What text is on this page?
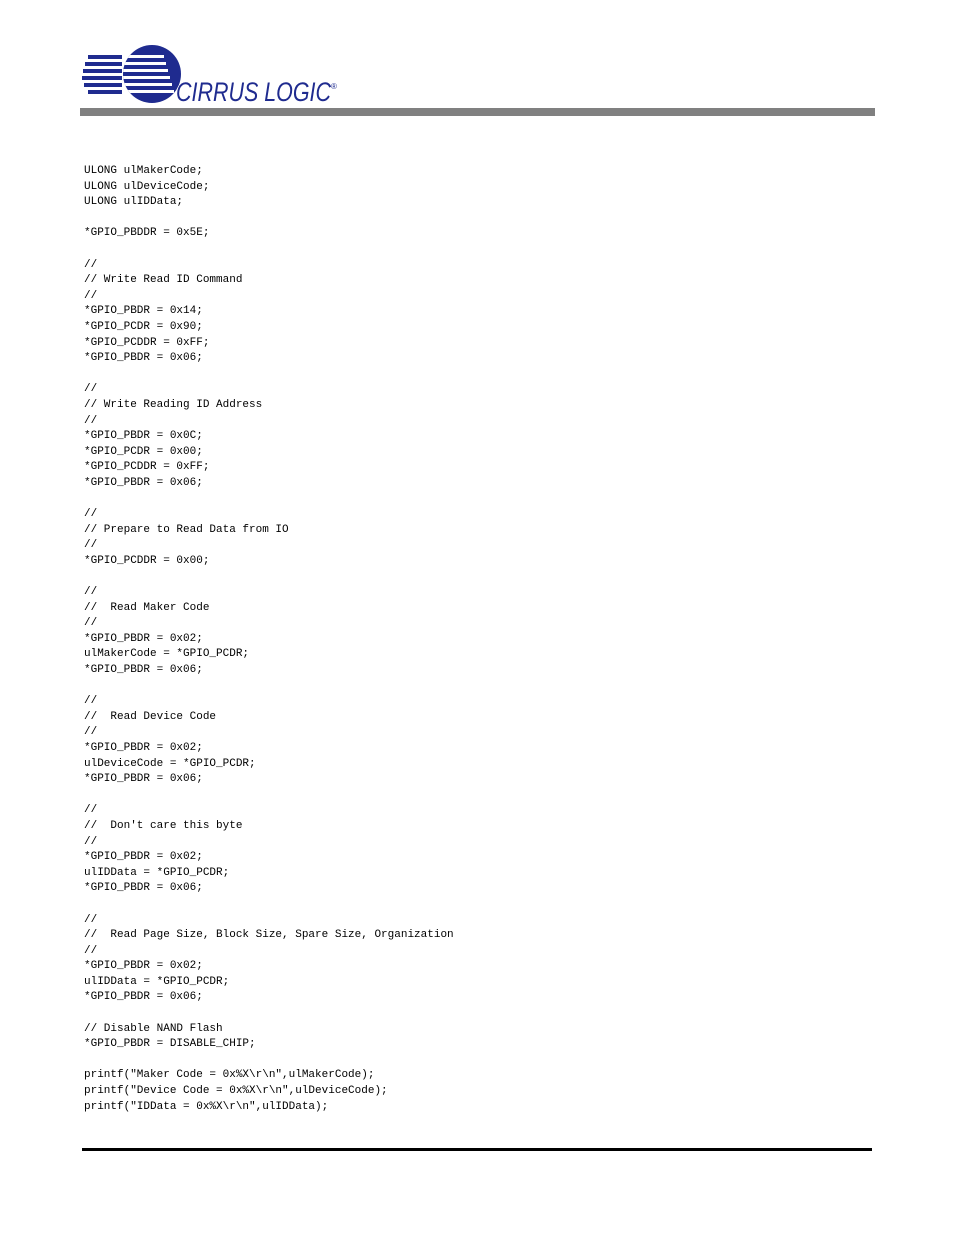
CIRRUS LOGIC ®
ULONG ulMakerCode;
ULONG ulDeviceCode;
ULONG ulIDData;
*GPIO_PBDDR = 0x5E;
//
// Write Read ID Command
//
*GPIO_PBDR = 0x14;
*GPIO_PCDR = 0x90;
*GPIO_PCDDR = 0xFF;
*GPIO_PBDR = 0x06;
//
// Write Reading ID Address
//
*GPIO_PBDR = 0x0C;
*GPIO_PCDR = 0x00;
*GPIO_PCDDR = 0xFF;
*GPIO_PBDR = 0x06;
//
// Prepare to Read Data from IO
//
*GPIO_PCDDR = 0x00;
//
//  Read Maker Code
//
*GPIO_PBDR = 0x02;
ulMakerCode = *GPIO_PCDR;
*GPIO_PBDR = 0x06;
//
//  Read Device Code
//
*GPIO_PBDR = 0x02;
ulDeviceCode = *GPIO_PCDR;
*GPIO_PBDR = 0x06;
//
//  Don't care this byte
//
*GPIO_PBDR = 0x02;
ulIDData = *GPIO_PCDR;
*GPIO_PBDR = 0x06;
//
//  Read Page Size, Block Size, Spare Size, Organization
//
*GPIO_PBDR = 0x02;
ulIDData = *GPIO_PCDR;
*GPIO_PBDR = 0x06;
// Disable NAND Flash
*GPIO_PBDR = DISABLE_CHIP;
printf("Maker Code = 0x%X\r\n",ulMakerCode);
printf("Device Code = 0x%X\r\n",ulDeviceCode);
printf("IDData = 0x%X\r\n",ulIDData);
